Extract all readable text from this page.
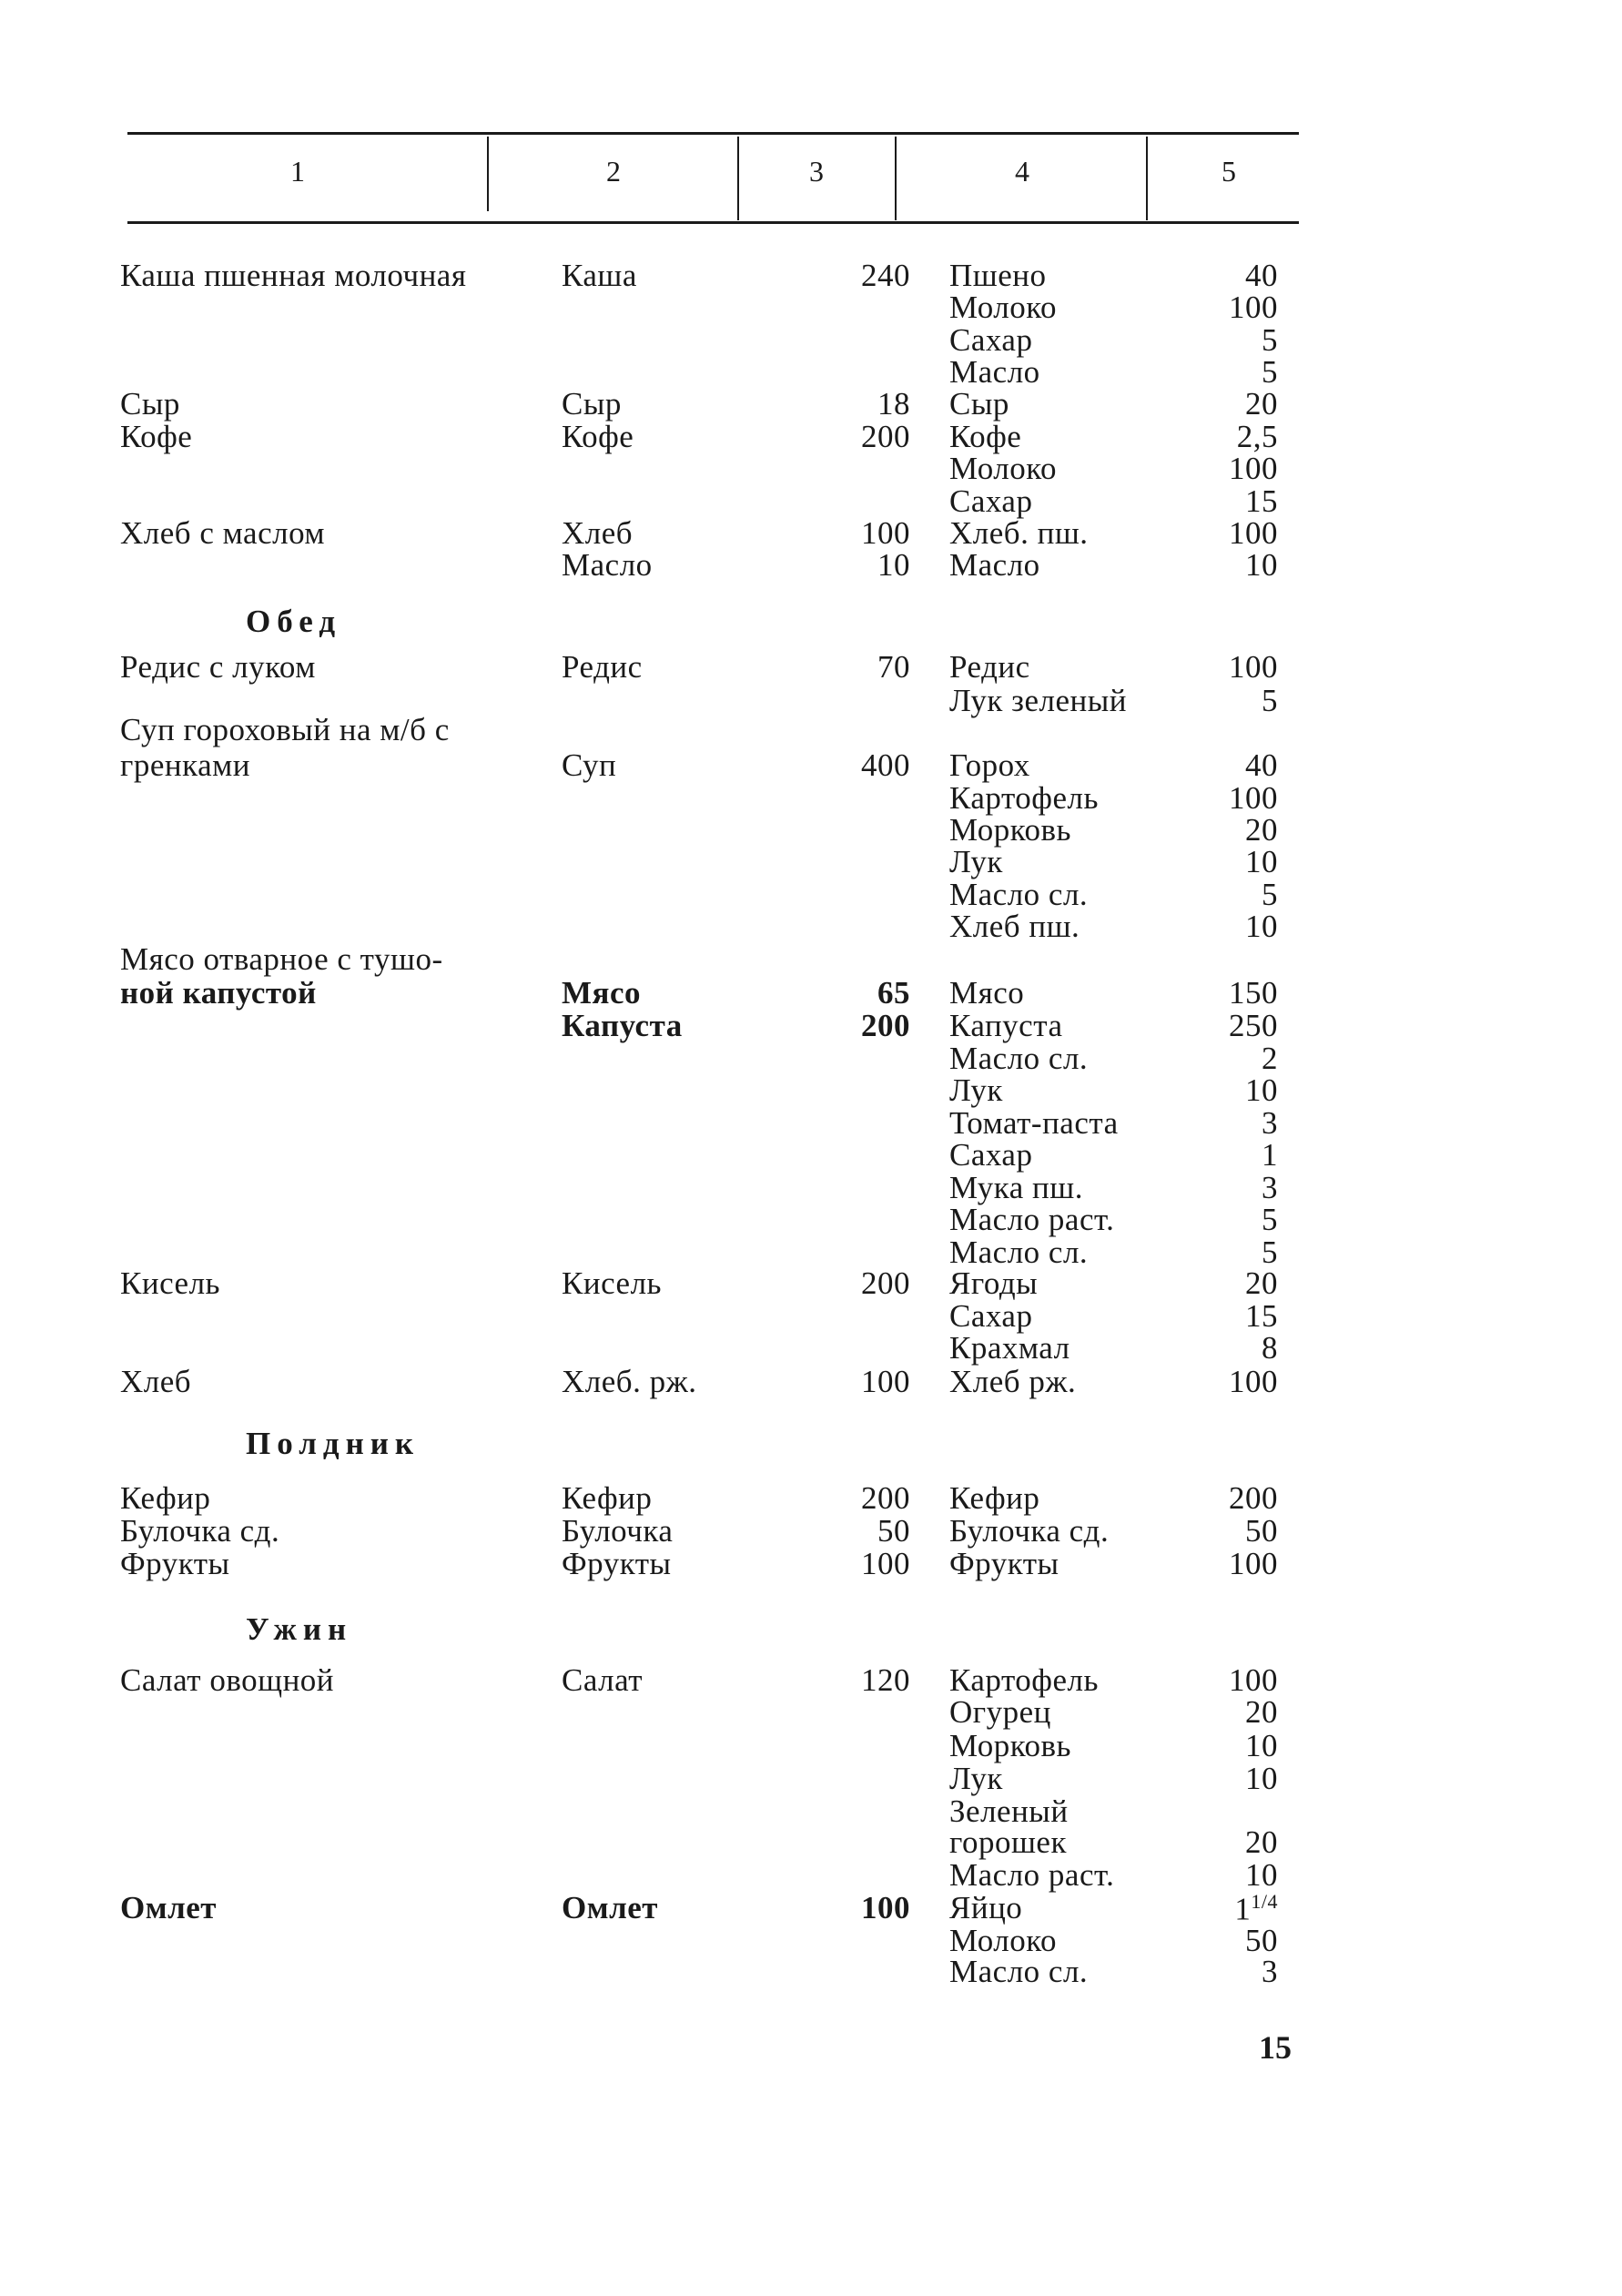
1	2	3	4	5
Каша пшенная молочная	Каша	240 Пшено	40
Молоко	100
Сахар	5
Масло	5
Сыр	Сыр	18 Сыр	20
Кофе	Кофе	200 Кофе	2,5
Молоко	100
Сахар	15
Хлеб с маслом	Хлеб	100 Хлеб. пш.	100
Масло	10 Масло	10
Обед
Редис с луком	Редис	70 Редис	100
Лук зеленый	5
Суп гороховый на м/б с
гренками	Суп	400 Горох	40
Картофель	100
Морковь	20
Лук	10
Масло сл.	5
Хлеб пш.	10
Мясо отварное с тушо-
ной капустой	Мясо	65 Мясо	150
Капуста	200 Капуста	250
Масло сл.	2
Лук	10
Томат-паста	3
Сахар	1
Мука пш.	3
Масло раст.	5
Масло сл.	5
Кисель	Кисель	200 Ягоды	20
Сахар	15
Крахмал	8
Хлеб	Хлеб. рж.	100 Хлеб рж.	100
Полдник
Кефир	Кефир	200 Кефир	200
Булочка сд.	Булочка	50 Булочка сд.	50
Фрукты	Фрукты	100 Фрукты	100
Ужин
Салат овощной	Салат	120 Картофель	100
Огурец	20
Морковь	10
Лук	10
Зеленый
горошек	20
Масло раст.	10
Омлет	Омлет	100 Яйцо	$1^{1/4}$
Молоко	50
Масло сл.	3
15
